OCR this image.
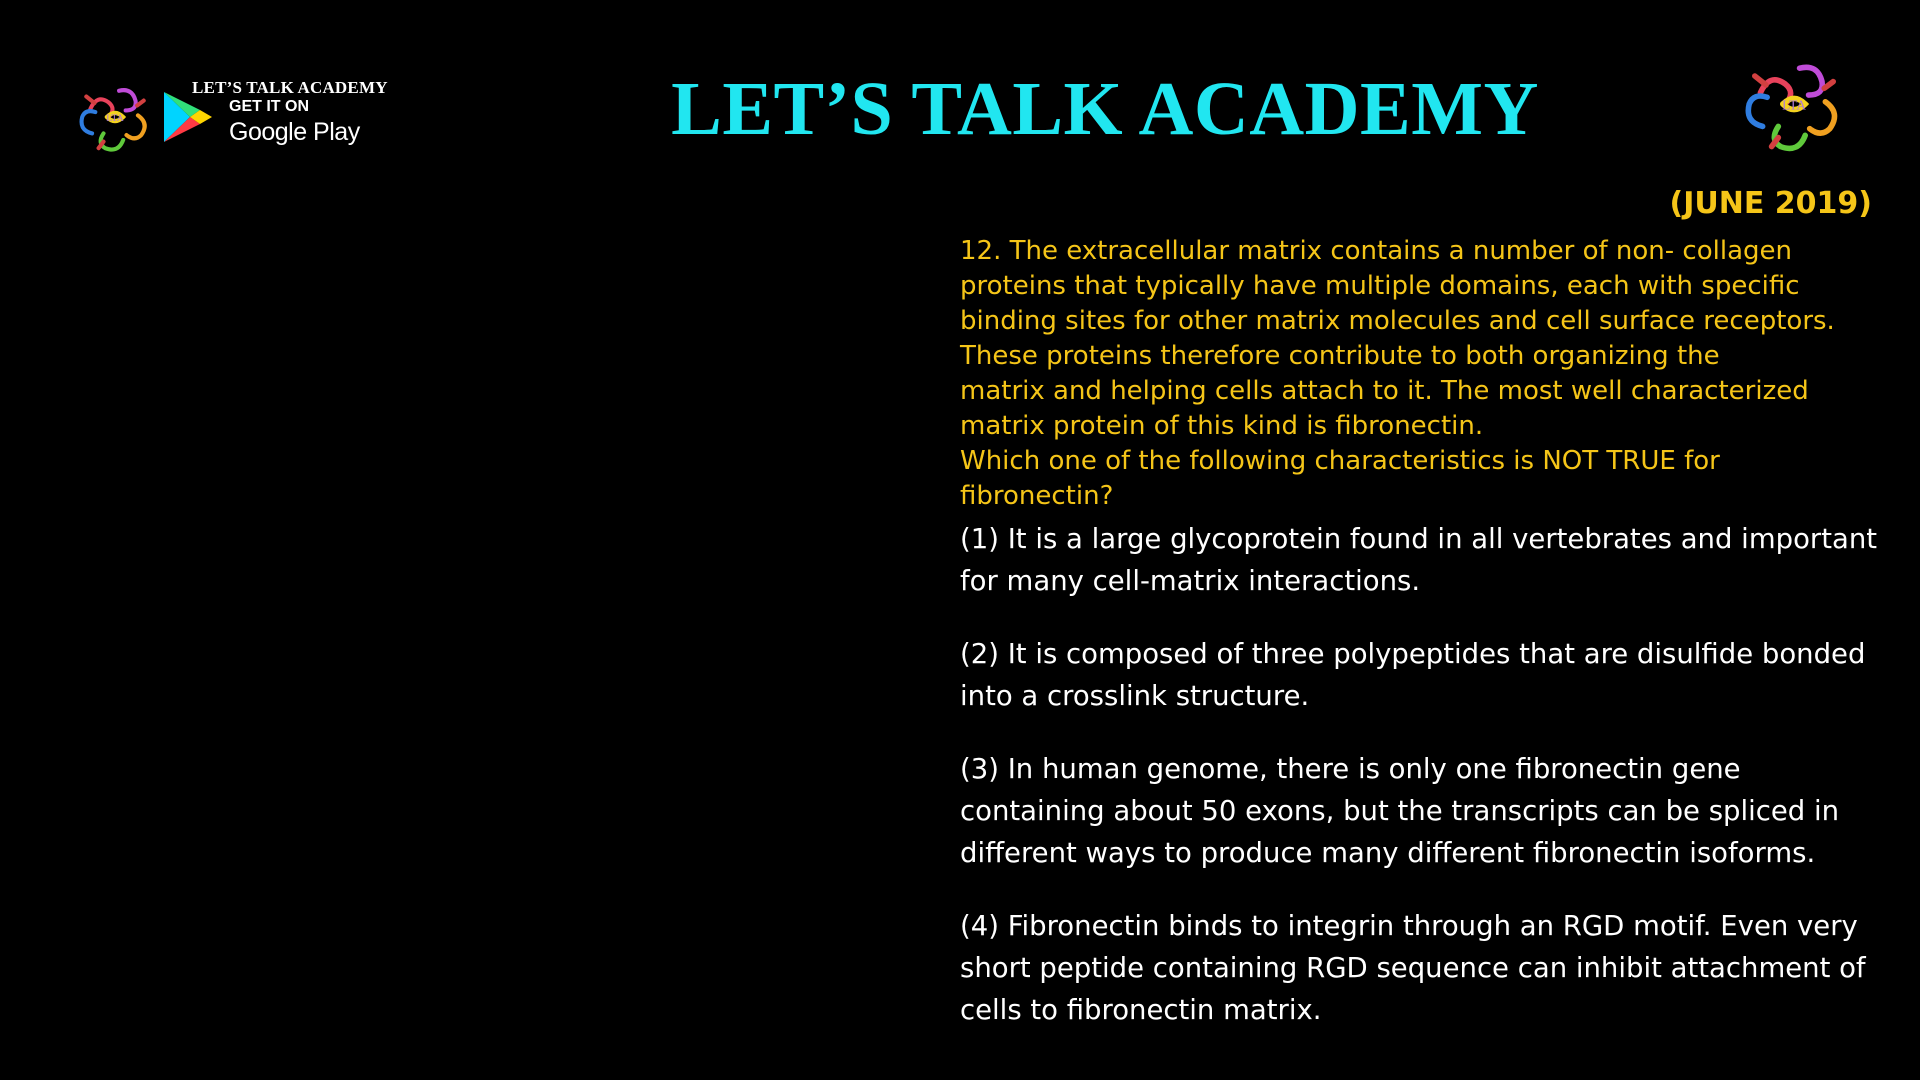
LTA
LET’S TALK ACADEMY
GET IT ON
Google Play	LET’S TALK ACADEMY	LTA
(JUNE 2019)

12. The extracellular matrix contains a number of non- collagen

proteins that typically have multiple domains, each with specific

binding sites for other matrix molecules and cell surface receptors.

These proteins therefore contribute to both organizing the

matrix and helping cells attach to it. The most well characterized

matrix protein of this kind is fibronectin.

Which one of the following characteristics is NOT TRUE for

fibronectin?

(1) It is a large glycoprotein found in all vertebrates and important for many cell-matrix interactions.

(2) It is composed of three polypeptides that are disulfide bonded into a crosslink structure.

(3) In human genome, there is only one fibronectin gene containing about 50 exons, but the transcripts can be spliced in different ways to produce many different fibronectin isoforms.

(4) Fibronectin binds to integrin through an RGD motif. Even very short peptide containing RGD sequence can inhibit attachment of cells to fibronectin matrix.
